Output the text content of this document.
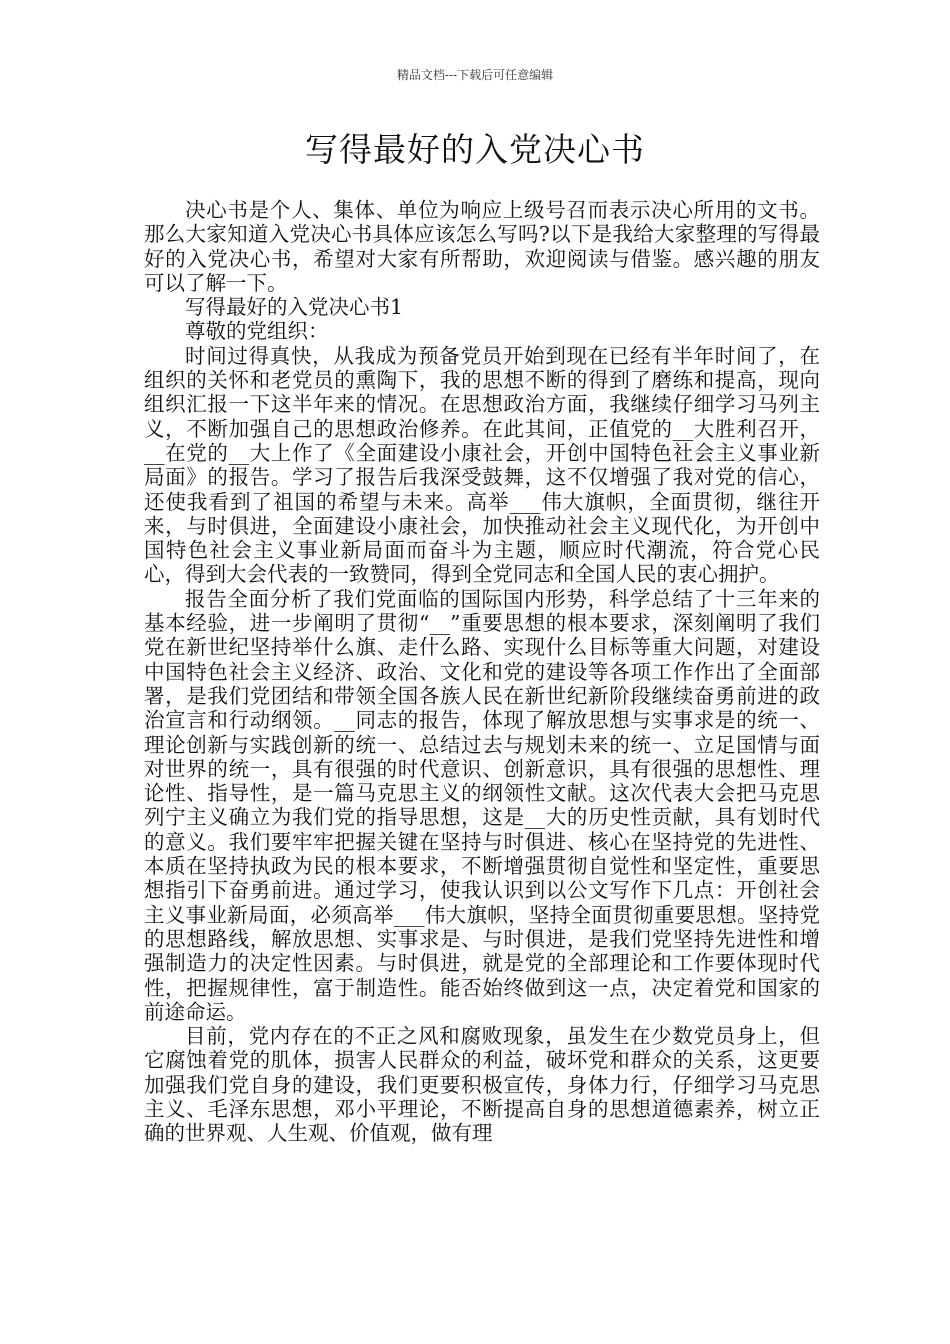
精品文档---下载后可任意编辑
写得最好的入党决心书

决心书是个人、集体、单位为响应上级号召而表示决心所用的文书。那么大家知道入党决心书具体应该怎么写吗?以下是我给大家整理的写得最好的入党决心书，希望对大家有所帮助，欢迎阅读与借鉴。感兴趣的朋友可以了解一下。

写得最好的入党决心书1

尊敬的党组织：

时间过得真快，从我成为预备党员开始到现在已经有半年时间了，在组织的关怀和老党员的熏陶下，我的思想不断的得到了磨练和提高，现向组织汇报一下这半年来的情况。在思想政治方面，我继续仔细学习马列主义，不断加强自己的思想政治修养。在此其间，正值党的__大胜利召开，__在党的__大上作了《全面建设小康社会，开创中国特色社会主义事业新局面》的报告。学习了报告后我深受鼓舞，这不仅增强了我对党的信心，还使我看到了祖国的希望与未来。高举___伟大旗帜，全面贯彻，继往开来，与时俱进，全面建设小康社会，加快推动社会主义现代化，为开创中国特色社会主义事业新局面而奋斗为主题，顺应时代潮流，符合党心民心，得到大会代表的一致赞同，得到全党同志和全国人民的衷心拥护。

报告全面分析了我们党面临的国际国内形势，科学总结了十三年来的基本经验，进一步阐明了贯彻“__”重要思想的根本要求，深刻阐明了我们党在新世纪坚持举什么旗、走什么路、实现什么目标等重大问题，对建设中国特色社会主义经济、政治、文化和党的建设等各项工作作出了全面部署，是我们党团结和带领全国各族人民在新世纪新阶段继续奋勇前进的政治宣言和行动纲领。__同志的报告，体现了解放思想与实事求是的统一、理论创新与实践创新的统一、总结过去与规划未来的统一、立足国情与面对世界的统一，具有很强的时代意识、创新意识，具有很强的思想性、理论性、指导性，是一篇马克思主义的纲领性文献。这次代表大会把马克思列宁主义确立为我们党的指导思想，这是__大的历史性贡献，具有划时代的意义。我们要牢牢把握关键在坚持与时俱进、核心在坚持党的先进性、本质在坚持执政为民的根本要求，不断增强贯彻自觉性和坚定性，重要思想指引下奋勇前进。通过学习，使我认识到以公文写作下几点：开创社会主义事业新局面，必须高举___伟大旗帜，坚持全面贯彻重要思想。坚持党的思想路线，解放思想、实事求是、与时俱进，是我们党坚持先进性和增强制造力的决定性因素。与时俱进，就是党的全部理论和工作要体现时代性，把握规律性，富于制造性。能否始终做到这一点，决定着党和国家的前途命运。

目前，党内存在的不正之风和腐败现象，虽发生在少数党员身上，但它腐蚀着党的肌体，损害人民群众的利益，破坏党和群众的关系，这更要加强我们党自身的建设，我们更要积极宣传，身体力行，仔细学习马克思主义、毛泽东思想，邓小平理论，不断提高自身的思想道德素养，树立正确的世界观、人生观、价值观，做有理
